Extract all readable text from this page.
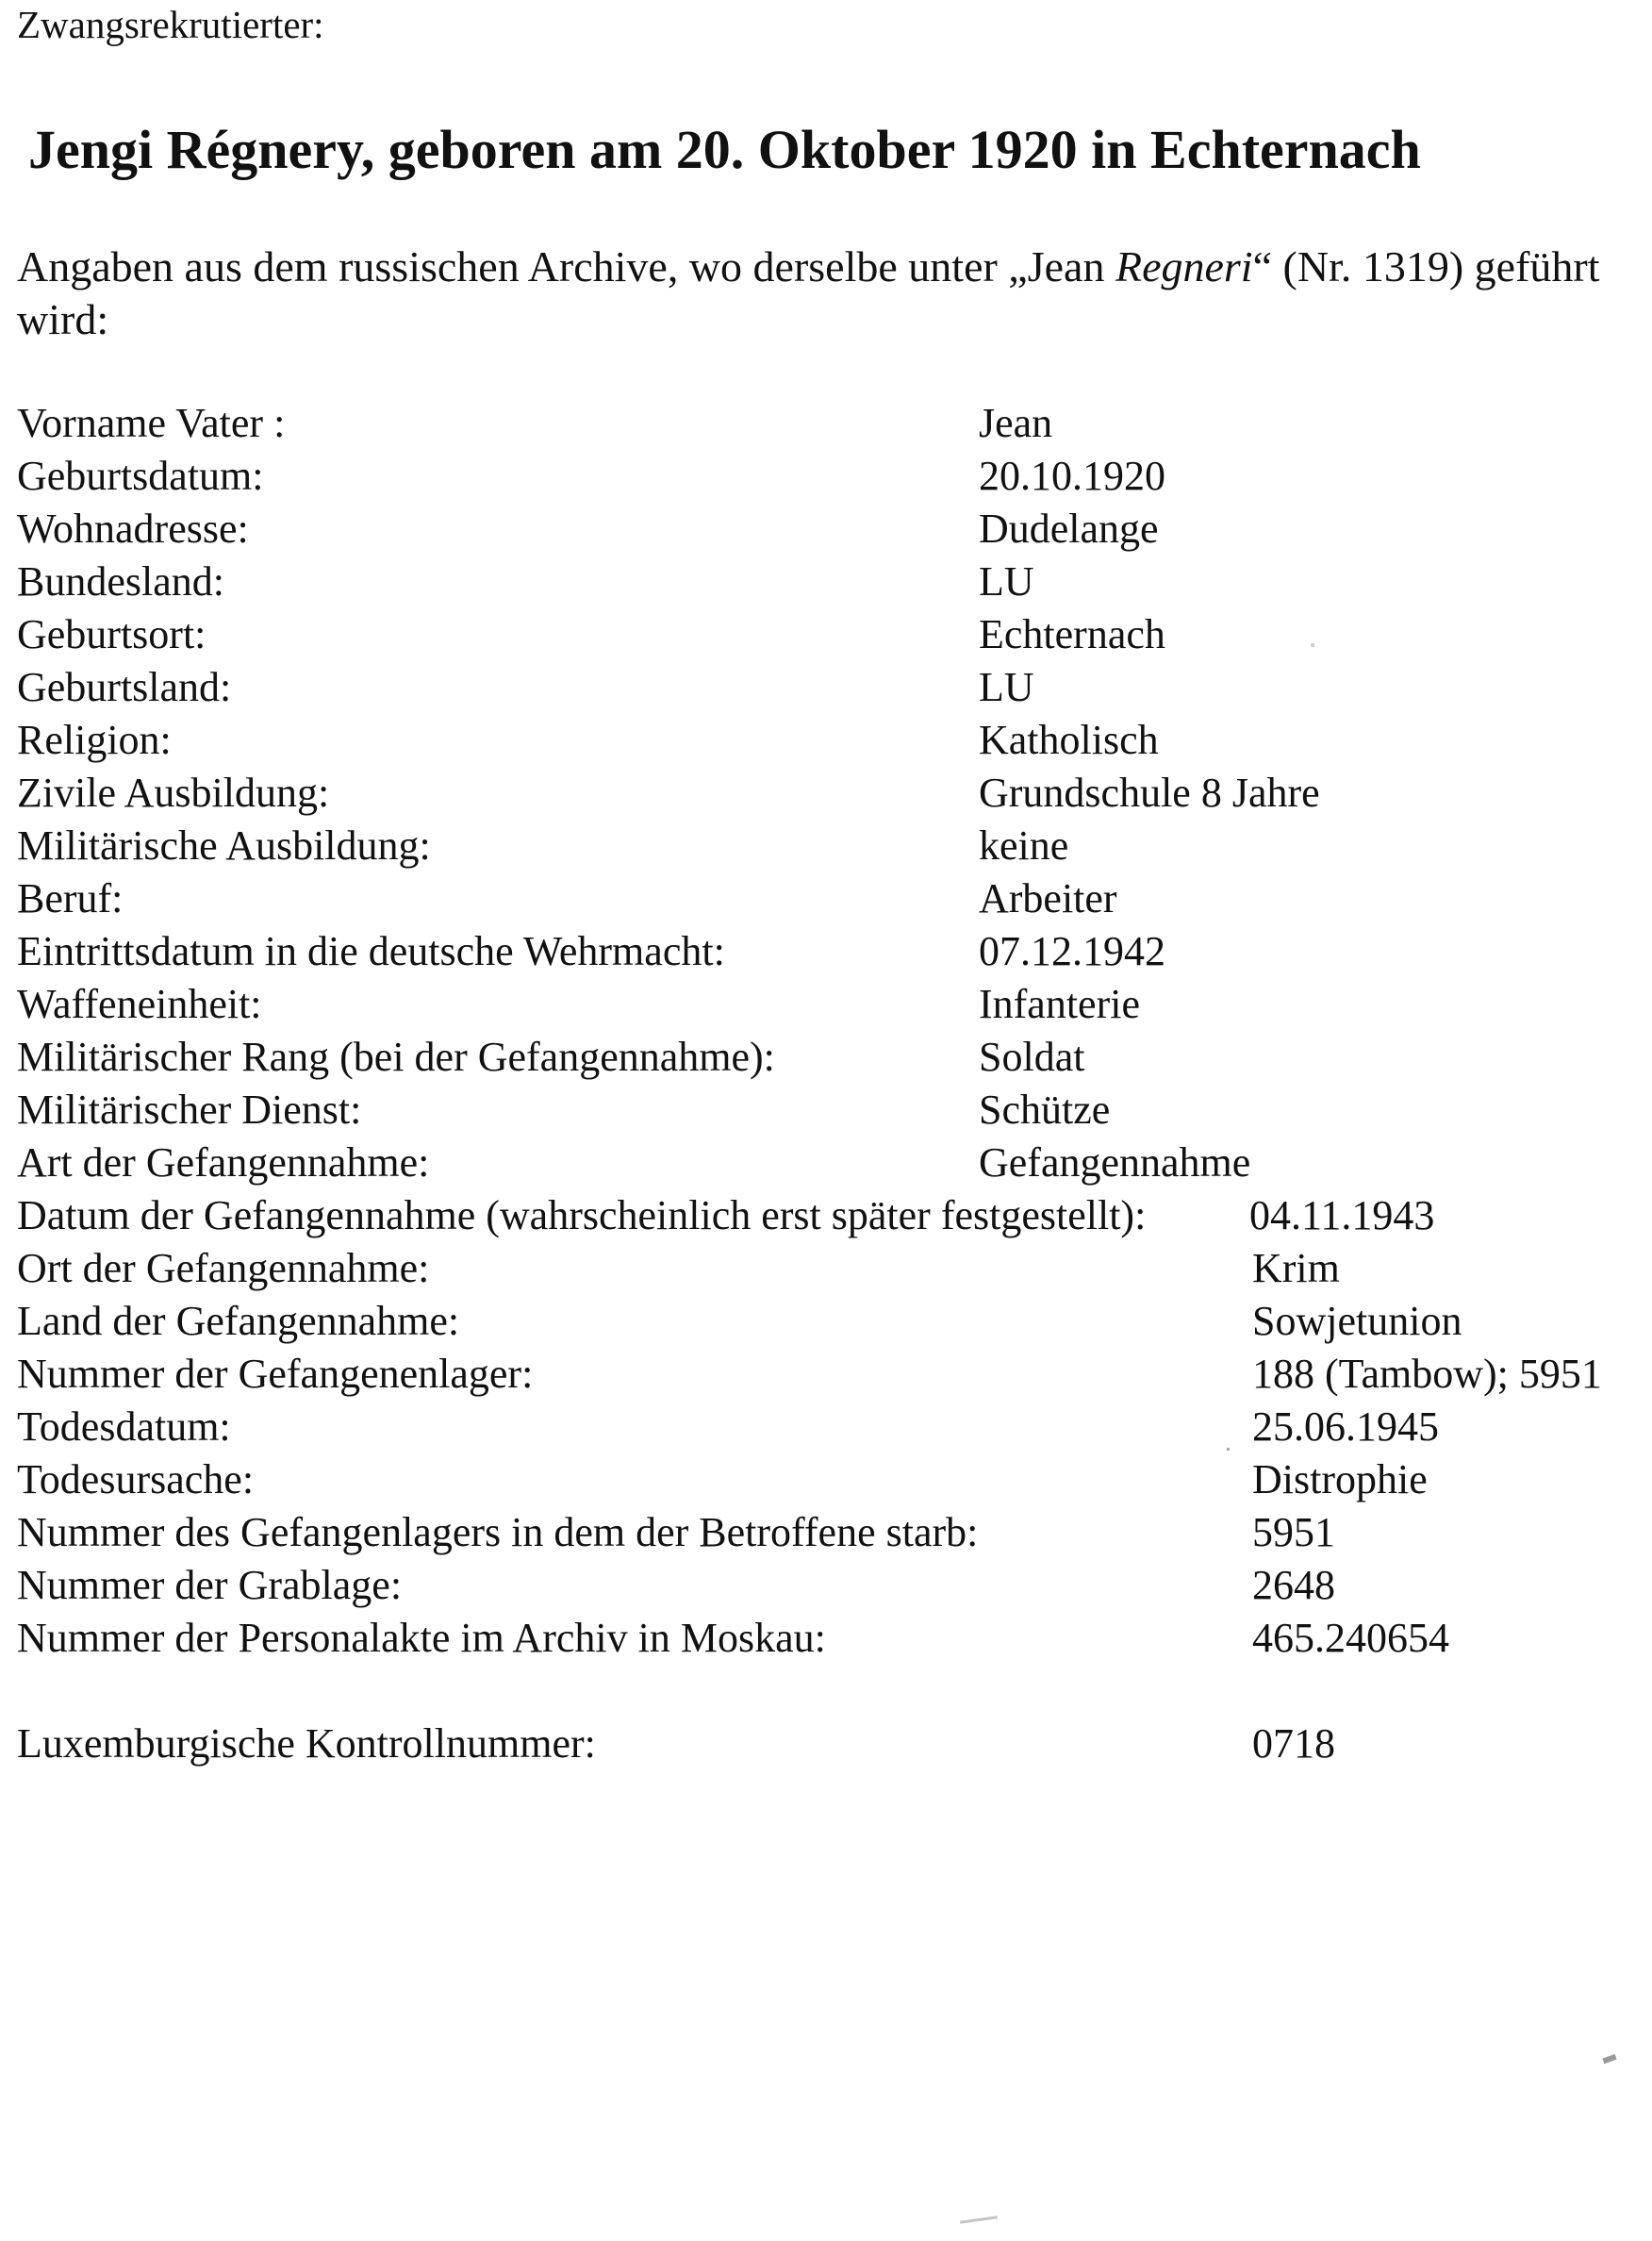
Zwangsrekrutierter:
Jengi Régnery, geboren am 20. Oktober 1920 in Echternach
Angaben aus dem russischen Archive, wo derselbe unter „Jean Regneri“ (Nr. 1319) geführt wird:
Vorname Vater :	Jean
Geburtsdatum:	20.10.1920
Wohnadresse:	Dudelange
Bundesland:	LU
Geburtsort:	Echternach
Geburtsland:	LU
Religion:	Katholisch
Zivile Ausbildung:	Grundschule 8 Jahre
Militärische Ausbildung:	keine
Beruf:	Arbeiter
Eintrittsdatum in die deutsche Wehrmacht:	07.12.1942
Waffeneinheit:	Infanterie
Militärischer Rang (bei der Gefangennahme):	Soldat
Militärischer Dienst:	Schütze
Art der Gefangennahme:	Gefangennahme
Datum der Gefangennahme (wahrscheinlich erst später festgestellt): 04.11.1943
Ort der Gefangennahme:	Krim
Land der Gefangennahme:	Sowjetunion
Nummer der Gefangenenlager:	188 (Tambow); 5951
Todesdatum:	25.06.1945
Todesursache:	Distrophie
Nummer des Gefangenlagers in dem der Betroffene starb:	5951
Nummer der Grablage:	2648
Nummer der Personalakte im Archiv in Moskau:	465.240654
Luxemburgische Kontrollnummer:	0718
